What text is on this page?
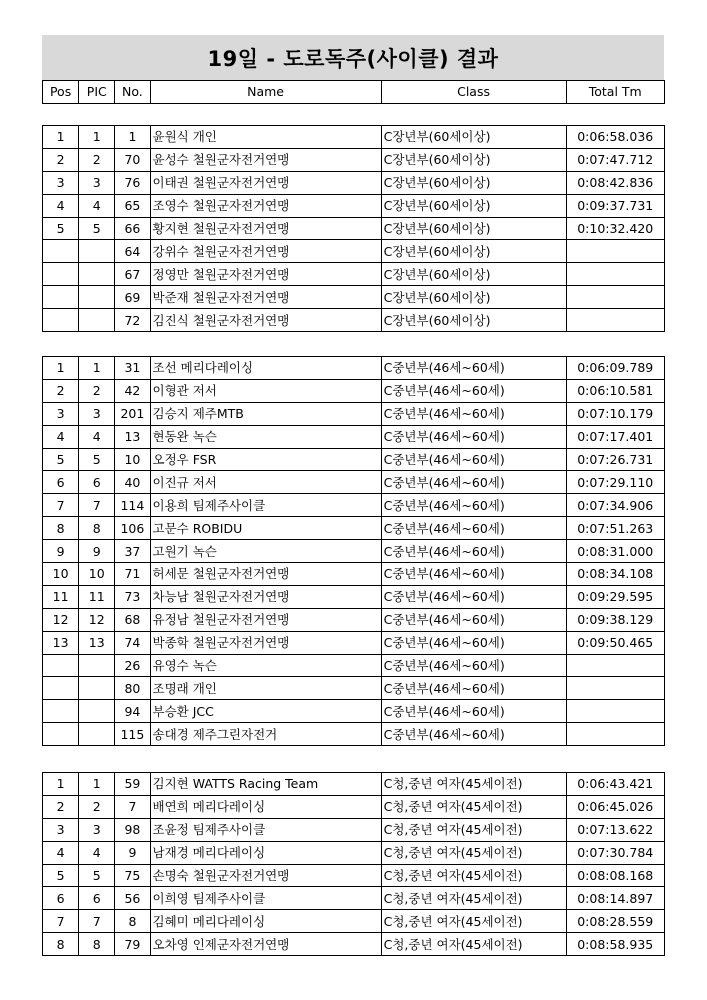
19일 - 도로독주(사이클) 결과
Pos	PIC	No.	Name	Class	Total Tm
1	1	1	윤원식 개인	C장년부(60세이상)	0:06:58.036
2	2	70	윤성수 철원군자전거연맹	C장년부(60세이상)	0:07:47.712
3	3	76	이태권 철원군자전거연맹	C장년부(60세이상)	0:08:42.836
4	4	65	조영수 철원군자전거연맹	C장년부(60세이상)	0:09:37.731
5	5	66	황지현 철원군자전거연맹	C장년부(60세이상)	0:10:32.420
		64	강위수 철원군자전거연맹	C장년부(60세이상)	
		67	정영만 철원군자전거연맹	C장년부(60세이상)	
		69	박준재 철원군자전거연맹	C장년부(60세이상)	
		72	김진식 철원군자전거연맹	C장년부(60세이상)	
1	1	31	조선 메리다레이싱	C중년부(46세~60세)	0:06:09.789
2	2	42	이형관 저서	C중년부(46세~60세)	0:06:10.581
3	3	201	김승지 제주MTB	C중년부(46세~60세)	0:07:10.179
4	4	13	현동완 녹슨	C중년부(46세~60세)	0:07:17.401
5	5	10	오정우 FSR	C중년부(46세~60세)	0:07:26.731
6	6	40	이진규 저서	C중년부(46세~60세)	0:07:29.110
7	7	114	이용희 팀제주사이클	C중년부(46세~60세)	0:07:34.906
8	8	106	고문수 ROBIDU	C중년부(46세~60세)	0:07:51.263
9	9	37	고원기 녹슨	C중년부(46세~60세)	0:08:31.000
10	10	71	허세문 철원군자전거연맹	C중년부(46세~60세)	0:08:34.108
11	11	73	차능남 철원군자전거연맹	C중년부(46세~60세)	0:09:29.595
12	12	68	유정남 철원군자전거연맹	C중년부(46세~60세)	0:09:38.129
13	13	74	박종학 철원군자전거연맹	C중년부(46세~60세)	0:09:50.465
		26	유영수 녹슨	C중년부(46세~60세)	
		80	조명래 개인	C중년부(46세~60세)	
		94	부승환 JCC	C중년부(46세~60세)	
		115	송대경 제주그린자전거	C중년부(46세~60세)	
1	1	59	김지현 WATTS Racing Team	C청,중년 여자(45세이전)	0:06:43.421
2	2	7	배연희 메리다레이싱	C청,중년 여자(45세이전)	0:06:45.026
3	3	98	조윤정 팀제주사이클	C청,중년 여자(45세이전)	0:07:13.622
4	4	9	남재경 메리다레이싱	C청,중년 여자(45세이전)	0:07:30.784
5	5	75	손명숙 철원군자전거연맹	C청,중년 여자(45세이전)	0:08:08.168
6	6	56	이희영 팀제주사이클	C청,중년 여자(45세이전)	0:08:14.897
7	7	8	김혜미 메리다레이싱	C청,중년 여자(45세이전)	0:08:28.559
8	8	79	오차영 인제군자전거연맹	C청,중년 여자(45세이전)	0:08:58.935
